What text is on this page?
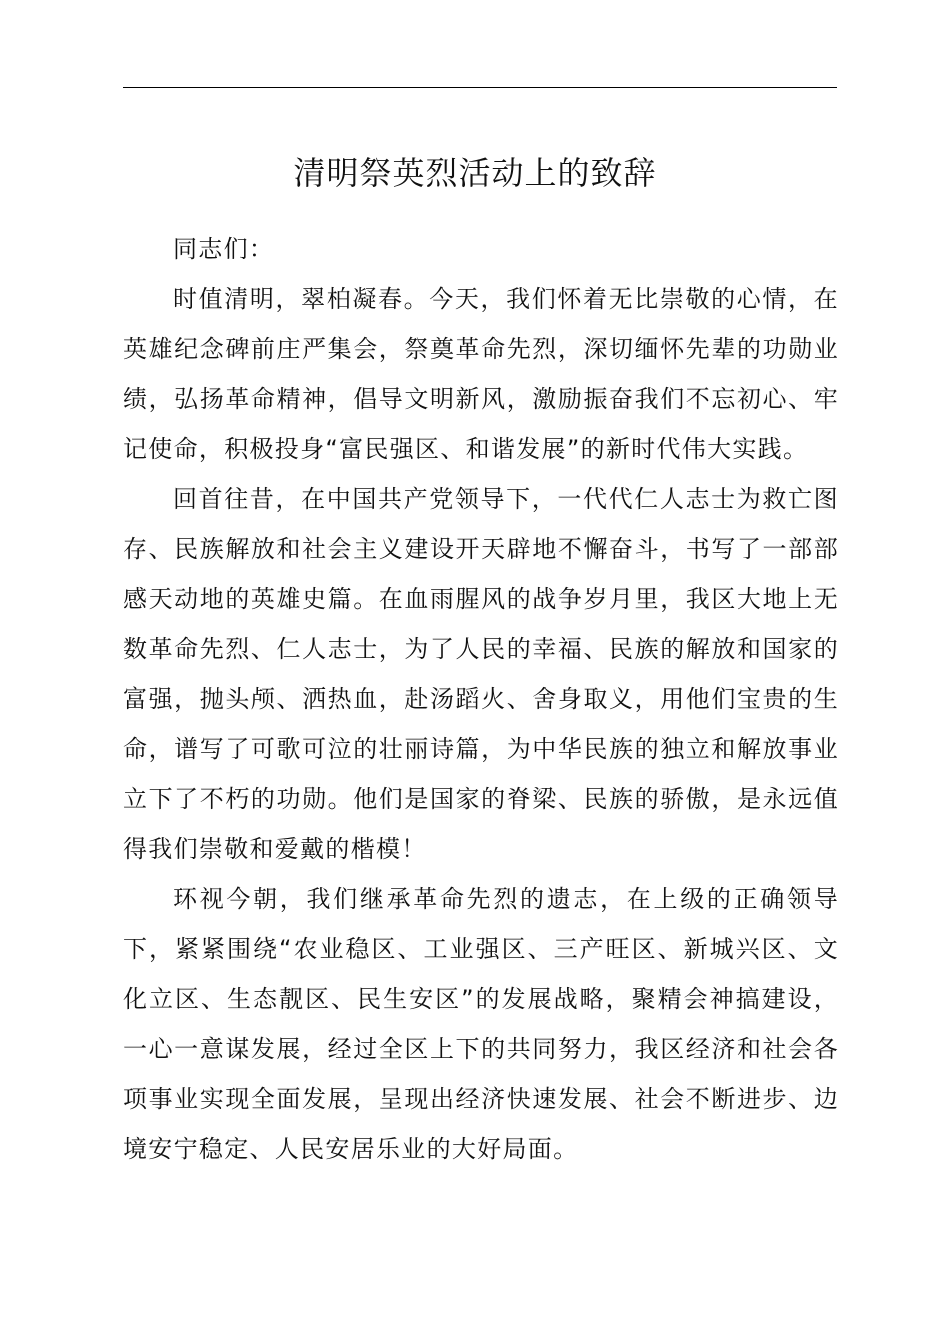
清明祭英烈活动上的致辞

同志们：

时值清明，翠柏凝春。今天，我们怀着无比崇敬的心情，在英雄纪念碑前庄严集会，祭奠革命先烈，深切缅怀先辈的功勋业绩，弘扬革命精神，倡导文明新风，激励振奋我们不忘初心、牢记使命，积极投身“富民强区、和谐发展”的新时代伟大实践。

回首往昔，在中国共产党领导下，一代代仁人志士为救亡图存、民族解放和社会主义建设开天辟地不懈奋斗，书写了一部部感天动地的英雄史篇。在血雨腥风的战争岁月里，我区大地上无数革命先烈、仁人志士，为了人民的幸福、民族的解放和国家的富强，抛头颅、洒热血，赴汤蹈火、舍身取义，用他们宝贵的生命，谱写了可歌可泣的壮丽诗篇，为中华民族的独立和解放事业立下了不朽的功勋。他们是国家的脊梁、民族的骄傲，是永远值得我们崇敬和爱戴的楷模！

环视今朝，我们继承革命先烈的遗志，在上级的正确领导下，紧紧围绕“农业稳区、工业强区、三产旺区、新城兴区、文化立区、生态靓区、民生安区”的发展战略，聚精会神搞建设，一心一意谋发展，经过全区上下的共同努力，我区经济和社会各项事业实现全面发展，呈现出经济快速发展、社会不断进步、边境安宁稳定、人民安居乐业的大好局面。
